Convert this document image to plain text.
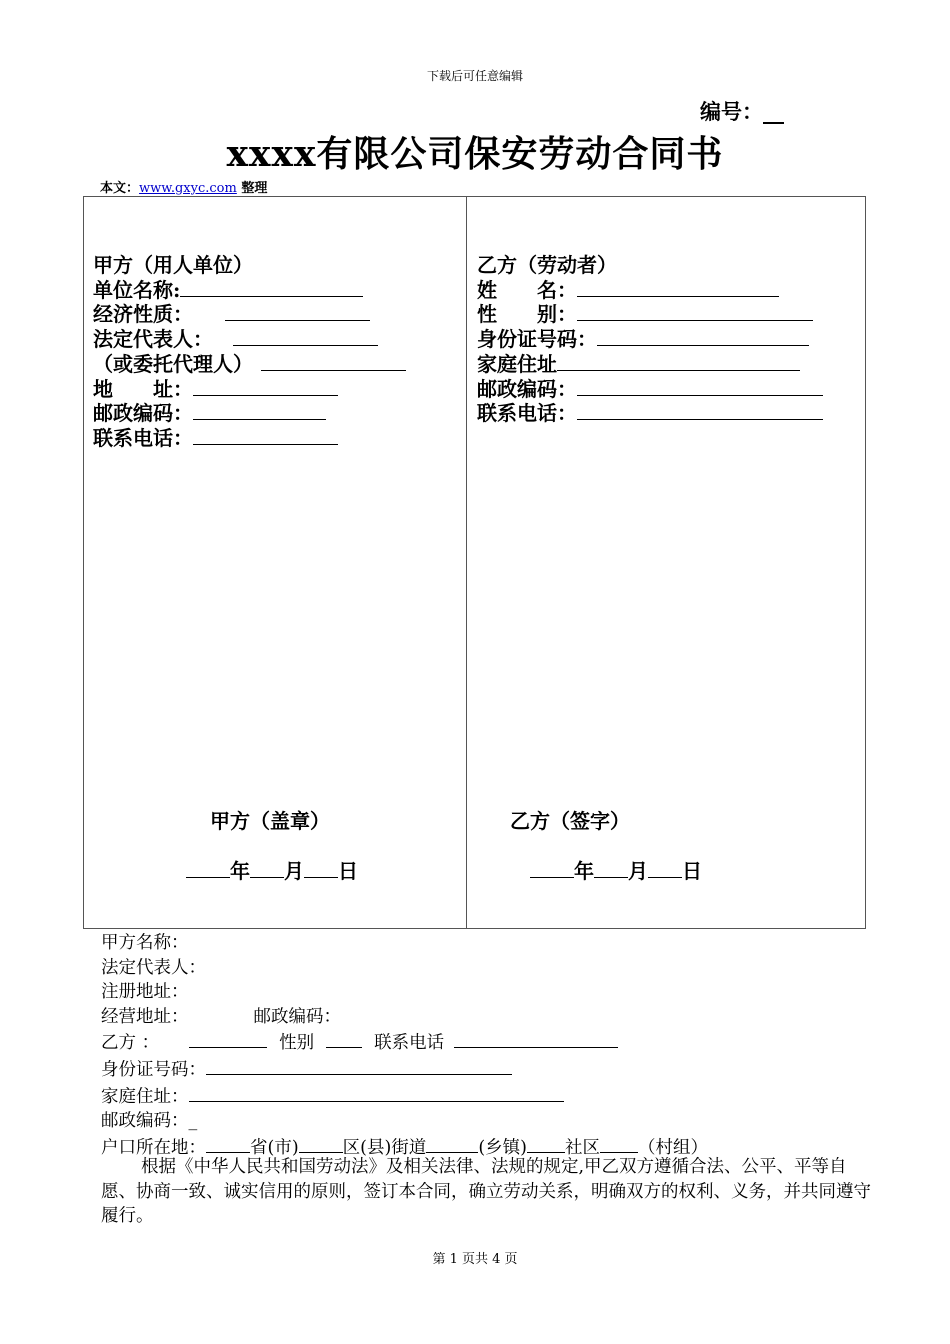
下载后可任意编辑
编号：__
xxxx有限公司保安劳动合同书
本文：www.gxyc.com 整理
甲方（用人单位）
单位名称:
经济性质：
法定代表人：
（或委托代理人）
地　　址：
邮政编码：
联系电话：
乙方（劳动者）
姓　　名：
性　　别：
身份证号码：
家庭住址
邮政编码：
联系电话：
甲方（盖章）
年 月 日
乙方（签字）
年 月 日
甲方名称：
法定代表人：
注册地址：
经营地址：	邮政编码：
乙方 ：	性别	联系电话
身份证号码：
家庭住址：
邮政编码：_
户口所在地：	省(市)	区(县)街道	(乡镇) 社区 （村组）
根据《中华人民共和国劳动法》及相关法律、法规的规定,甲乙双方遵循合法、公平、平等自愿、协商一致、诚实信用的原则，签订本合同，确立劳动关系，明确双方的权利、义务，并共同遵守履行。
第 1 页共 4 页
